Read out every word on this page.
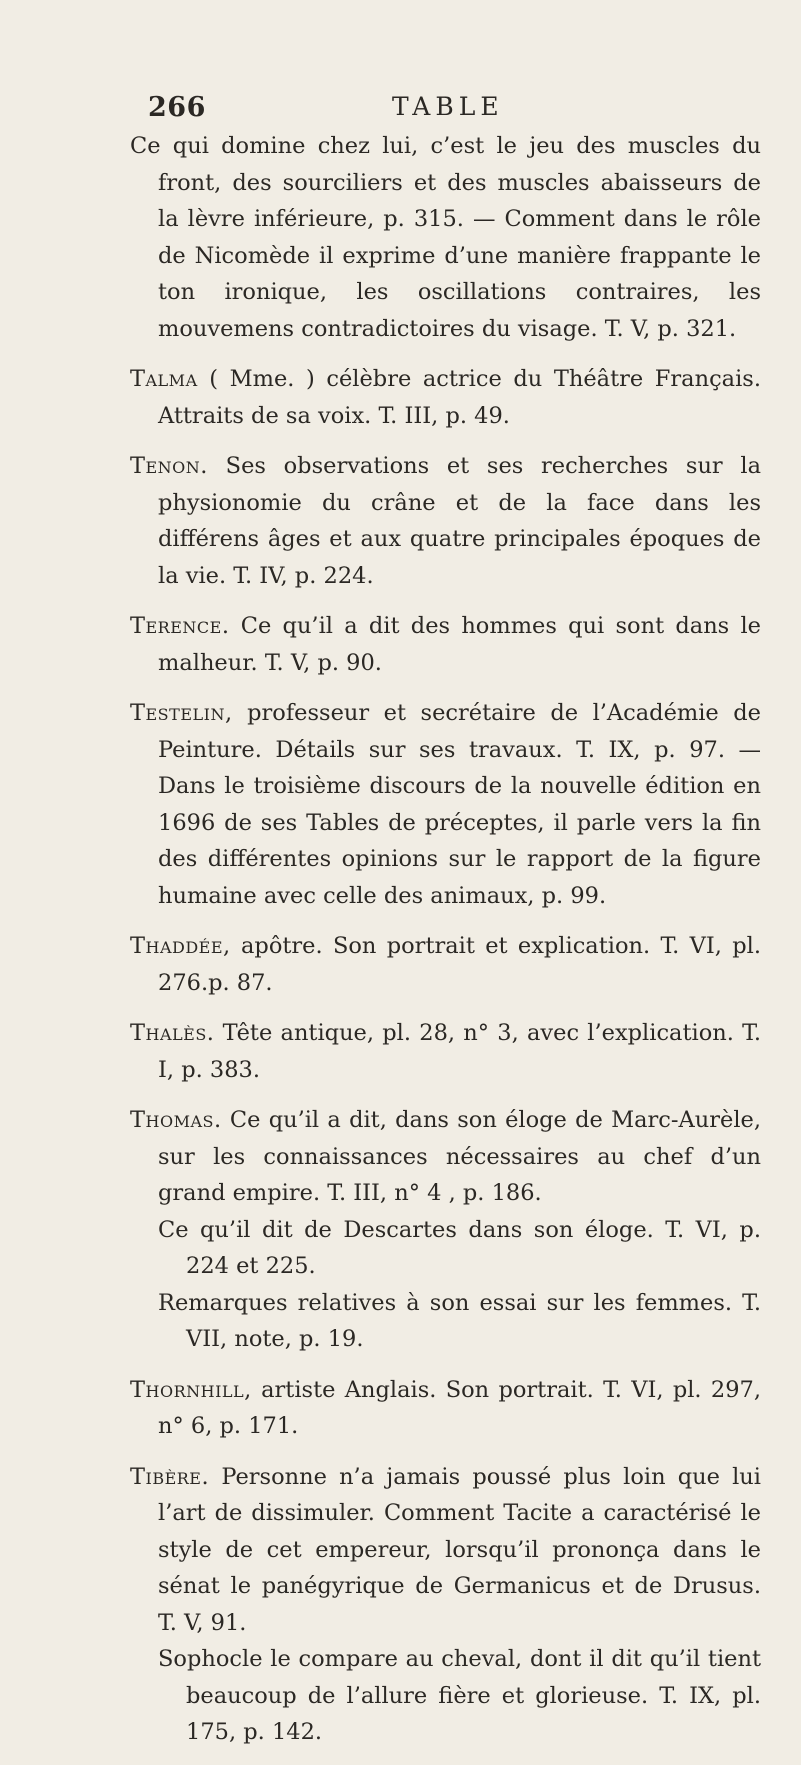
266	TABLE
Ce qui domine chez lui, c’est le jeu des muscles du front, des sourciliers et des muscles abaisseurs de la lèvre inférieure, p. 315. — Comment dans le rôle de Nicomède il exprime d’une manière frappante le ton ironique, les oscillations contraires, les mouvemens contradictoires du visage. T. V, p. 321.
Talma ( Mme. ) célèbre actrice du Théâtre Français. Attraits de sa voix. T. III, p. 49.
Tenon. Ses observations et ses recherches sur la physionomie du crâne et de la face dans les différens âges et aux quatre principales époques de la vie. T. IV, p. 224.
Terence. Ce qu’il a dit des hommes qui sont dans le malheur. T. V, p. 90.
Testelin, professeur et secrétaire de l’Académie de Peinture. Détails sur ses travaux. T. IX, p. 97. — Dans le troisième discours de la nouvelle édition en 1696 de ses Tables de préceptes, il parle vers la fin des différentes opinions sur le rapport de la figure humaine avec celle des animaux, p. 99.
Thaddée, apôtre. Son portrait et explication. T. VI, pl. 276.p. 87.
Thalès. Tête antique, pl. 28, n° 3, avec l’explication. T. I, p. 383.
Thomas. Ce qu’il a dit, dans son éloge de Marc-Aurèle, sur les connaissances nécessaires au chef d’un grand empire. T. III, n° 4 , p. 186.
Ce qu’il dit de Descartes dans son éloge. T. VI, p. 224 et 225.
Remarques relatives à son essai sur les femmes. T. VII, note, p. 19.
Thornhill, artiste Anglais. Son portrait. T. VI, pl. 297, n° 6, p. 171.
Tibère. Personne n’a jamais poussé plus loin que lui l’art de dissimuler. Comment Tacite a caractérisé le style de cet empereur, lorsqu’il prononça dans le sénat le panégyrique de Germanicus et de Drusus. T. V, 91.
Sophocle le compare au cheval, dont il dit qu’il tient beaucoup de l’allure fière et glorieuse. T. IX, pl. 175, p. 142.
